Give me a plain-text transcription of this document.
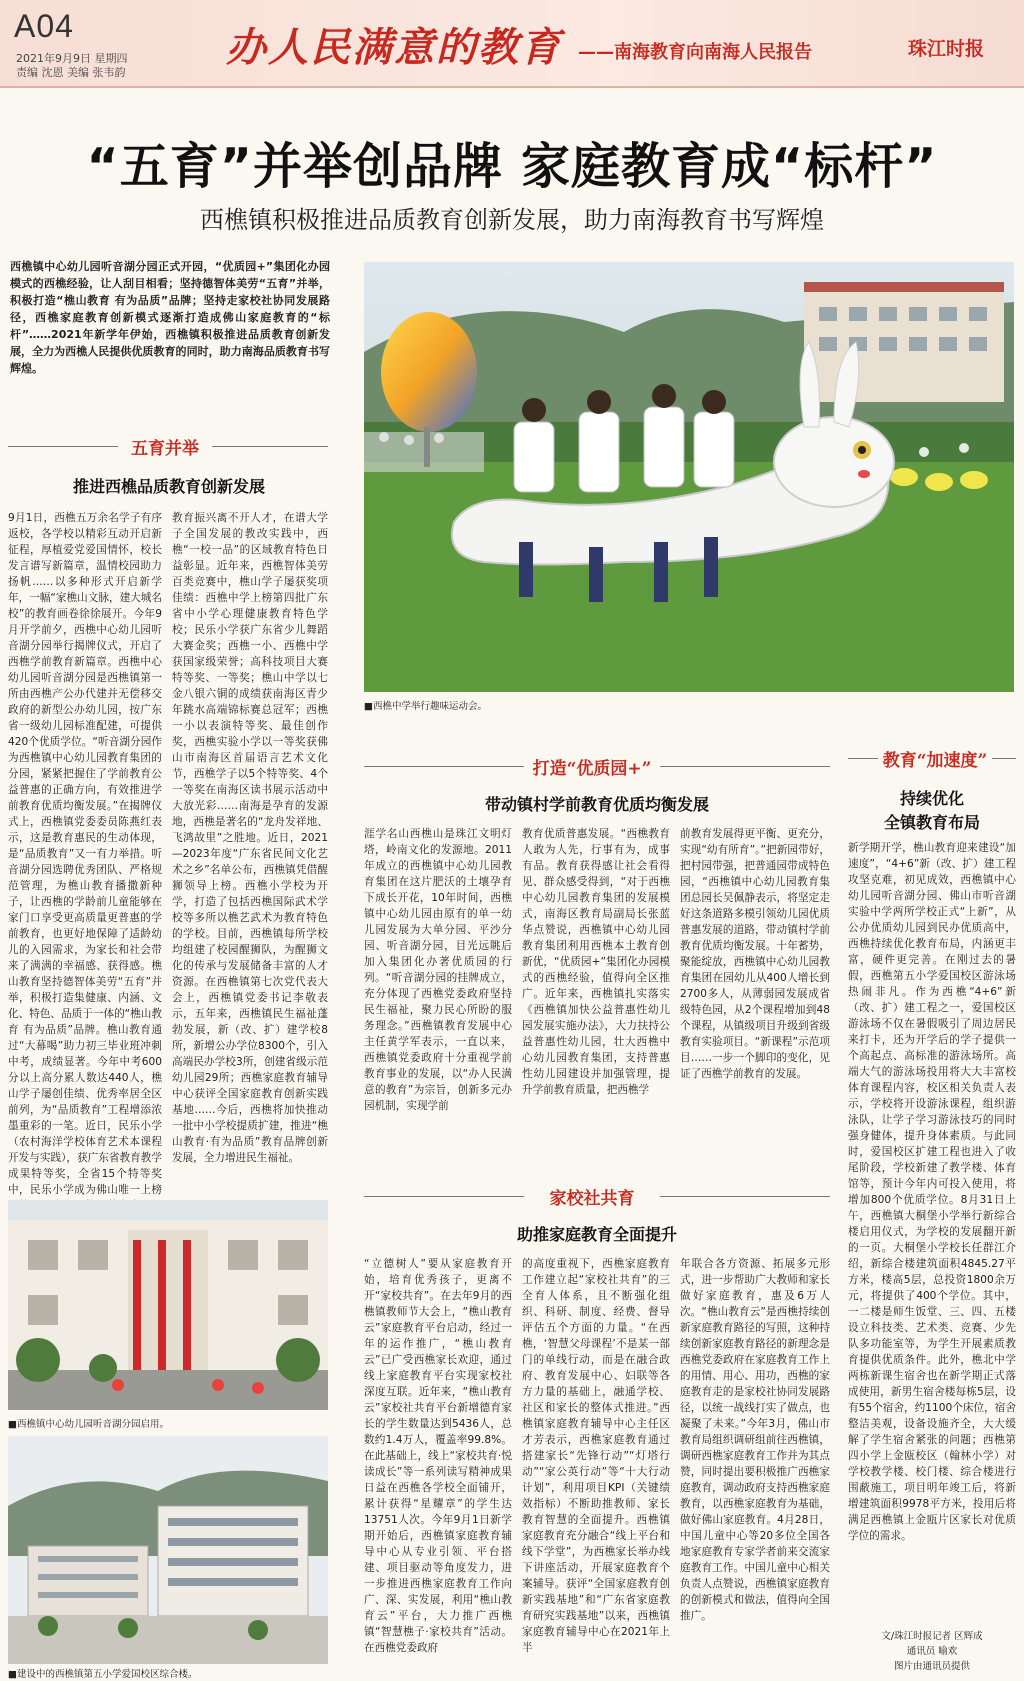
A04
2021年9月9日 星期四
责编 沈恩 美编 张韦韵
办人民满意的教育 ——南海教育向南海人民报告	珠江时报
“五育”并举创品牌 家庭教育成“标杆”
西樵镇积极推进品质教育创新发展，助力南海教育书写辉煌
西樵镇中心幼儿园听音湖分园正式开园，“优质园+”集团化办园模式的西樵经验，让人刮目相看；坚持德智体美劳“五育”并举，积极打造“樵山教育 有为品质”品牌；坚持走家校社协同发展路径，西樵家庭教育创新模式逐渐打造成佛山家庭教育的“标杆”……2021年新学年伊始，西樵镇积极推进品质教育创新发展，全力为西樵人民提供优质教育的同时，助力南海品质教育书写辉煌。
五育并举
推进西樵品质教育创新发展
9月1日，西樵五万余名学子有序返校，各学校以精彩互动开启新征程，厚植爱党爱国情怀，校长发言谱写新篇章，温情校园助力扬帆……以多种形式开启新学年，一幅“家樵山文脉，建大城名校”的教育画卷徐徐展开。今年9月开学前夕，西樵中心幼儿园听音湖分园举行揭牌仪式，开启了西樵学前教育新篇章。西樵中心幼儿园听音湖分园是西樵镇第一所由西樵产公办代建并无偿移交政府的新型公办幼儿园，按广东省一级幼儿园标准配建，可提供420个优质学位。“听音湖分园作为西樵镇中心幼儿园教育集团的分园，紧紧把握住了学前教育公益普惠的正确方向，有效推进学前教育优质均衡发展。”在揭牌仪式上，西樵镇党委委员陈燕红表示，这是教育惠民的生动体现，是“品质教育”又一有力举措。听音湖分园选聘优秀团队、严格规范管理，为樵山教育播撒新种子，让西樵的学龄前儿童能够在家门口享受更高质量更普惠的学前教育，也更好地保障了适龄幼儿的入园需求，为家长和社会带来了满满的幸福感、获得感。樵山教育坚持德智体美劳“五育”并举，积极打造集健康、内涵、文化、特色、品质于一体的“樵山教育 有为品质”品牌。樵山教育通过“大幕喝”助力初三毕业班冲刺中考，成绩显著。今年中考600分以上高分累人数达440人，樵山学子屡创佳绩、优秀率居全区前列，为“品质教育”工程增添浓墨重彩的一笔。近日，民乐小学（农村海洋学校体育艺术本课程开发与实践），获广东省教育教学成果特等奖，全省15个特等奖中，民乐小学成为佛山唯一上榜
教育振兴离不开人才，在谱大学子全国发展的教改实践中，西樵“一校一品”的区域教育特色日益彰显。近年来，西樵智体美劳百类竞赛中，樵山学子屡获奖项佳绩：西樵中学上榜第四批广东省中小学心理健康教育特色学校；民乐小学获广东省少儿舞蹈大赛金奖；西樵一小、西樵中学获国家级荣誉；高科技项目大赛特等奖、一等奖；樵山中学以七金八银六铜的成绩获南海区青少年跳水高端锦标赛总冠军；西樵一小以表演特等奖、最佳创作奖，西樵实验小学以一等奖获佛山市南海区首届语言艺术文化节，西樵学子以5个特等奖、4个一等奖在南海区读书展示活动中大放光彩……南海是孕育的发源地，西樵是著名的“龙舟发祥地、飞鸿故里”之胜地。近日，2021—2023年度“广东省民间文化艺术之乡”名单公布，西樵镇凭借醒狮领导上榜。西樵小学校为开学，打造了包括西樵国际武术学校等多所以樵艺武术为教育特色的学校。目前，西樵镇每所学校均组建了校园醒狮队，为醒狮文化的传承与发展储备丰富的人才资源。在西樵镇第七次党代表大会上，西樵镇党委书记李敬表示，五年来，西樵镇民生福祉蓬勃发展，新（改、扩）建学校8所，新增公办学位8300个，引入高端民办学校3所，创建省级示范幼儿园29所；西樵家庭教育辅导中心获评全国家庭教育创新实践基地……今后，西樵将加快推动一批中小学校提质扩建，推进“樵山教育·有为品质”教育品牌创新发展，全力增进民生福祉。
■西樵中学举行趣味运动会。
打造“优质园+”
带动镇村学前教育优质均衡发展
涯学名山西樵山是珠江文明灯塔，岭南文化的发源地。2011年成立的西樵镇中心幼儿园教育集团在这片肥沃的土壤孕育下成长开花，10年时间，西樵镇中心幼儿园由原有的单一幼儿园发展为大单分园、平沙分园、听音湖分园，目光远眺后加入集团化办著优质园的行列。“听音湖分园的挂牌成立，充分体现了西樵党委政府坚持民生福祉，聚力民心所盼的服务理念。”西樵镇教育发展中心主任黄学军表示，一直以来，西樵镇党委政府十分重视学前教育事业的发展，以“办人民满意的教育”为宗旨，创新多元办园机制，实现学前
教育优质普惠发展。“西樵教育人敢为人先，行事有为，成事有品。教育获得感让社会看得见、群众感受得到，“对于西樵中心幼儿园教育集团的发展模式，南海区教育局副局长张蓝华点赞说，西樵镇中心幼儿园教育集团利用西樵本土教育创新优，“优质园+”集团化办园模式的西樵经验，值得向全区推广。近年来，西樵镇扎实落实《西樵镇加快公益普惠性幼儿园发展实施办法》，大力扶持公益普惠性幼儿园，壮大西樵中心幼儿园教育集团，支持普惠性幼儿园建设并加强管理，提升学前教育质量，把西樵学
前教育发展得更平衡、更充分，实现“幼有所育”。”把新园带好，把村园带强，把普通园带成特色园，“西樵镇中心幼儿园教育集团总园长吴佩静表示，将坚定走好这条道路多模引领幼儿园优质普惠发展的道路，带动镇村学前教育优质均衡发展。十年蓄势，聚能绽放，西樵镇中心幼儿园教育集团在园幼儿从400人增长到2700多人，从薄弱园发展成省级特色园，从2个课程增加到48个课程，从镇级项目升级到省级教育实验项目。“新课程”示范项目……一步一个脚印的变化，见证了西樵学前教育的发展。
家校社共育
助推家庭教育全面提升
“立德树人”要从家庭教育开始，培育优秀孩子，更离不开“家校共育”。在去年9月的西樵镇教师节大会上，“樵山教育云”家庭教育平台启动，经过一年的运作推广，“樵山教育云”已广受西樵家长欢迎，通过线上家庭教育平台实现家校社深度互联。近年来，“樵山教育云”家校社共育平台新增德育家长的学生数量达到5436人，总数约1.4万人，覆盖率99.8%。在此基础上，线上“家校共育·悦读成长”等一系列读写精神成果日益在西樵各学校全面铺开，累计获得“星耀章”的学生达13751人次。今年9月1日新学期开始后，西樵镇家庭教育辅导中心从专业引领、平台搭建、项目驱动等角度发力，进一步推进西樵家庭教育工作向广、深、实发展，利用“樵山教育云”平台，大力推广西樵镇“智慧樵子·家校共育”活动。在西樵党委政府
的高度重视下，西樵家庭教育工作建立起“家校社共育”的三全育人体系，且不断强化组织、科研、制度、经费、督导评估五个方面的力量。“在西樵，‘智慧父母课程’不是某一部门的单线行动，而是在融合政府、教育发展中心、妇联等各方力量的基础上，融通学校、社区和家长的整体式推进。”西樵镇家庭教育辅导中心主任区才芳表示，西樵家庭教育通过搭建家长“先锋行动”“灯塔行动”“家公英行动”等“十大行动计划”，利用项目KPI（关键绩效指标）不断助推教师、家长教育智慧的全面提升。西樵镇家庭教育充分融合“线上平台和线下学堂”，为西樵家长举办线下讲座活动，开展家庭教育个案辅导。获评“全国家庭教育创新实践基地”和“广东省家庭教育研究实践基地”以来，西樵镇家庭教育辅导中心在2021年上半
年联合各方资源、拓展多元形式，进一步帮助广大教师和家长做好家庭教育，惠及6万人次。“樵山教育云”是西樵持续创新家庭教育路径的写照，这种持续创新家庭教育路径的新理念是西樵党委政府在家庭教育工作上的用情、用心、用功，西樵的家庭教育走的是家校社协同发展路径，以统一战线打实了做点，也凝聚了未来。”今年3月，佛山市教育局组织调研组前往西樵镇，调研西樵家庭教育工作并为其点赞，同时提出要积极推广西樵家庭教育，调动政府支持西樵家庭教育，以西樵家庭教育为基础，做好佛山家庭教育。4月28日，中国儿童中心等20多位全国各地家庭教育专家学者前来交流家庭教育工作。中国儿童中心相关负责人点赞说，西樵镇家庭教育的创新模式和做法，值得向全国推广。
教育“加速度”
持续优化
全镇教育布局
新学期开学，樵山教育迎来建设“加速度”，“4+6”新（改、扩）建工程攻坚克难，初见成效，西樵镇中心幼儿园听音湖分园、佛山市听音湖实验中学两所学校正式“上新”，从公办优质幼儿园到民办优质高中，西樵持续优化教育布局，内涵更丰富，硬件更完善。在刚过去的暑假，西樵第五小学爱国校区游泳场热闹非凡。作为西樵“4+6”新（改、扩）建工程之一，爱国校区游泳场不仅在暑假吸引了周边居民来打卡，还为开学后的学子提供一个高起点、高标准的游泳场所。高端大气的游泳场投用将大大丰富校体育课程内容，校区相关负责人表示，学校将开设游泳课程，组织游泳队，让学子学习游泳技巧的同时强身健体，提升身体素质。与此同时，爱国校区扩建工程也进入了收尾阶段，学校新建了教学楼、体育馆等，预计今年内可投入使用，将增加800个优质学位。8月31日上午，西樵镇大桐堡小学举行新综合楼启用仪式，为学校的发展翻开新的一页。大桐堡小学校长任群江介绍，新综合楼建筑面积4845.27平方米，楼高5层，总投资1800余万元，将提供了400个学位。其中，一二楼是师生饭堂、三、四、五楼设立科技类、艺术类、竞赛、少先队多功能室等，为学生开展素质教育提供优质条件。此外，樵北中学两栋新课生宿舍也在新学期正式落成使用，新男生宿舍楼每栋5层，设有55个宿舍，约1100个床位，宿舍整洁美观，设备设施齐全，大大缓解了学生宿舍紧张的问题；西樵第四小学上金瓯校区（翰林小学）对学校教学楼、校门楼、综合楼进行围蔽施工，项目明年竣工后，将新增建筑面积9978平方米，投用后将满足西樵镇上金瓯片区家长对优质学位的需求。
文/珠江时报记者 区辉成
通讯员 喻欢
图片由通讯员提供
■西樵镇中心幼儿园听音湖分园启用。
■建设中的西樵镇第五小学爱国校区综合楼。
